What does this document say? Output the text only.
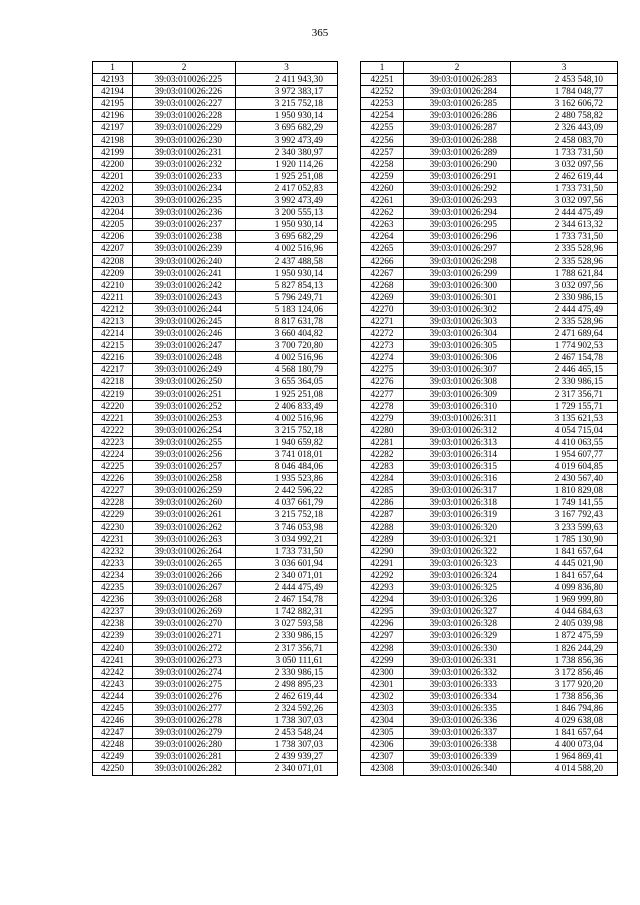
365
1	2	3
42193	39:03:010026:225	2 411 943,30
42194	39:03:010026:226	3 972 383,17
42195	39:03:010026:227	3 215 752,18
42196	39:03:010026:228	1 950 930,14
42197	39:03:010026:229	3 695 682,29
42198	39:03:010026:230	3 992 473,49
42199	39:03:010026:231	2 340 380,97
42200	39:03:010026:232	1 920 114,26
42201	39:03:010026:233	1 925 251,08
42202	39:03:010026:234	2 417 052,83
42203	39:03:010026:235	3 992 473,49
42204	39:03:010026:236	3 200 555,13
42205	39:03:010026:237	1 950 930,14
42206	39:03:010026:238	3 695 682,29
42207	39:03:010026:239	4 002 516,96
42208	39:03:010026:240	2 437 488,58
42209	39:03:010026:241	1 950 930,14
42210	39:03:010026:242	5 827 854,13
42211	39:03:010026:243	5 796 249,71
42212	39:03:010026:244	5 183 124,06
42213	39:03:010026:245	8 817 631,78
42214	39:03:010026:246	3 660 404,82
42215	39:03:010026:247	3 700 720,80
42216	39:03:010026:248	4 002 516,96
42217	39:03:010026:249	4 568 180,79
42218	39:03:010026:250	3 655 364,05
42219	39:03:010026:251	1 925 251,08
42220	39:03:010026:252	2 406 833,49
42221	39:03:010026:253	4 002 516,96
42222	39:03:010026:254	3 215 752,18
42223	39:03:010026:255	1 940 659,82
42224	39:03:010026:256	3 741 018,01
42225	39:03:010026:257	8 046 484,06
42226	39:03:010026:258	1 935 523,86
42227	39:03:010026:259	2 442 596,22
42228	39:03:010026:260	4 037 661,79
42229	39:03:010026:261	3 215 752,18
42230	39:03:010026:262	3 746 053,98
42231	39:03:010026:263	3 034 992,21
42232	39:03:010026:264	1 733 731,50
42233	39:03:010026:265	3 036 601,94
42234	39:03:010026:266	2 340 071,01
42235	39:03:010026:267	2 444 475,49
42236	39:03:010026:268	2 467 154,78
42237	39:03:010026:269	1 742 882,31
42238	39:03:010026:270	3 027 593,58
42239	39:03:010026:271	2 330 986,15
42240	39:03:010026:272	2 317 356,71
42241	39:03:010026:273	3 050 111,61
42242	39:03:010026:274	2 330 986,15
42243	39:03:010026:275	2 498 895,23
42244	39:03:010026:276	2 462 619,44
42245	39:03:010026:277	2 324 592,26
42246	39:03:010026:278	1 738 307,03
42247	39:03:010026:279	2 453 548,24
42248	39:03:010026:280	1 738 307,03
42249	39:03:010026:281	2 439 939,27
42250	39:03:010026:282	2 340 071,01
1	2	3
42251	39:03:010026:283	2 453 548,10
42252	39:03:010026:284	1 784 048,77
42253	39:03:010026:285	3 162 606,72
42254	39:03:010026:286	2 480 758,82
42255	39:03:010026:287	2 326 443,09
42256	39:03:010026:288	2 458 083,70
42257	39:03:010026:289	1 733 731,50
42258	39:03:010026:290	3 032 097,56
42259	39:03:010026:291	2 462 619,44
42260	39:03:010026:292	1 733 731,50
42261	39:03:010026:293	3 032 097,56
42262	39:03:010026:294	2 444 475,49
42263	39:03:010026:295	2 344 613,32
42264	39:03:010026:296	1 733 731,50
42265	39:03:010026:297	2 335 528,96
42266	39:03:010026:298	2 335 528,96
42267	39:03:010026:299	1 788 621,84
42268	39:03:010026:300	3 032 097,56
42269	39:03:010026:301	2 330 986,15
42270	39:03:010026:302	2 444 475,49
42271	39:03:010026:303	2 335 528,96
42272	39:03:010026:304	2 471 689,64
42273	39:03:010026:305	1 774 902,53
42274	39:03:010026:306	2 467 154,78
42275	39:03:010026:307	2 446 465,15
42276	39:03:010026:308	2 330 986,15
42277	39:03:010026:309	2 317 356,71
42278	39:03:010026:310	1 729 155,71
42279	39:03:010026:311	3 135 621,53
42280	39:03:010026:312	4 054 715,04
42281	39:03:010026:313	4 410 063,55
42282	39:03:010026:314	1 954 607,77
42283	39:03:010026:315	4 019 604,85
42284	39:03:010026:316	2 430 567,40
42285	39:03:010026:317	1 810 829,08
42286	39:03:010026:318	1 749 141,55
42287	39:03:010026:319	3 167 792,43
42288	39:03:010026:320	3 233 599,63
42289	39:03:010026:321	1 785 130,90
42290	39:03:010026:322	1 841 657,64
42291	39:03:010026:323	4 445 021,90
42292	39:03:010026:324	1 841 657,64
42293	39:03:010026:325	4 099 836,80
42294	39:03:010026:326	1 969 999,80
42295	39:03:010026:327	4 044 684,63
42296	39:03:010026:328	2 405 039,98
42297	39:03:010026:329	1 872 475,59
42298	39:03:010026:330	1 826 244,29
42299	39:03:010026:331	1 738 856,36
42300	39:03:010026:332	3 172 856,46
42301	39:03:010026:333	3 177 920,20
42302	39:03:010026:334	1 738 856,36
42303	39:03:010026:335	1 846 794,86
42304	39:03:010026:336	4 029 638,08
42305	39:03:010026:337	1 841 657,64
42306	39:03:010026:338	4 400 073,04
42307	39:03:010026:339	1 964 869,41
42308	39:03:010026:340	4 014 588,20
